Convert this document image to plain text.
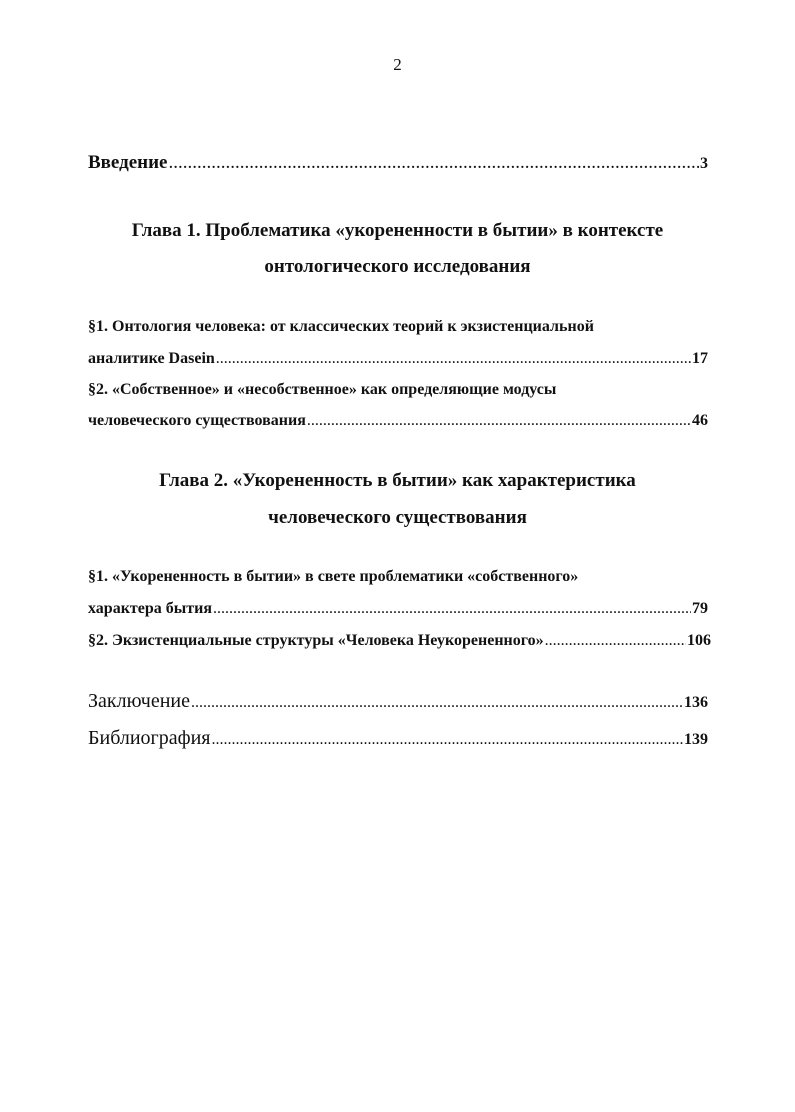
2
Введение .....	3
Глава 1. Проблематика «укорененности в бытии» в контексте
онтологического исследования
§1. Онтология человека: от классических теорий к экзистенциальной
аналитике Dasein .....	17
§2. «Собственное» и «несобственное» как определяющие модусы
человеческого существования .....	46
Глава 2. «Укорененность в бытии» как характеристика
человеческого существования
§1. «Укорененность в бытии» в свете проблематики «собственного»
характера бытия .....	79
§2. Экзистенциальные структуры «Человека Неукорененного» .....	106
Заключение .....	136
Библиография .....	139
